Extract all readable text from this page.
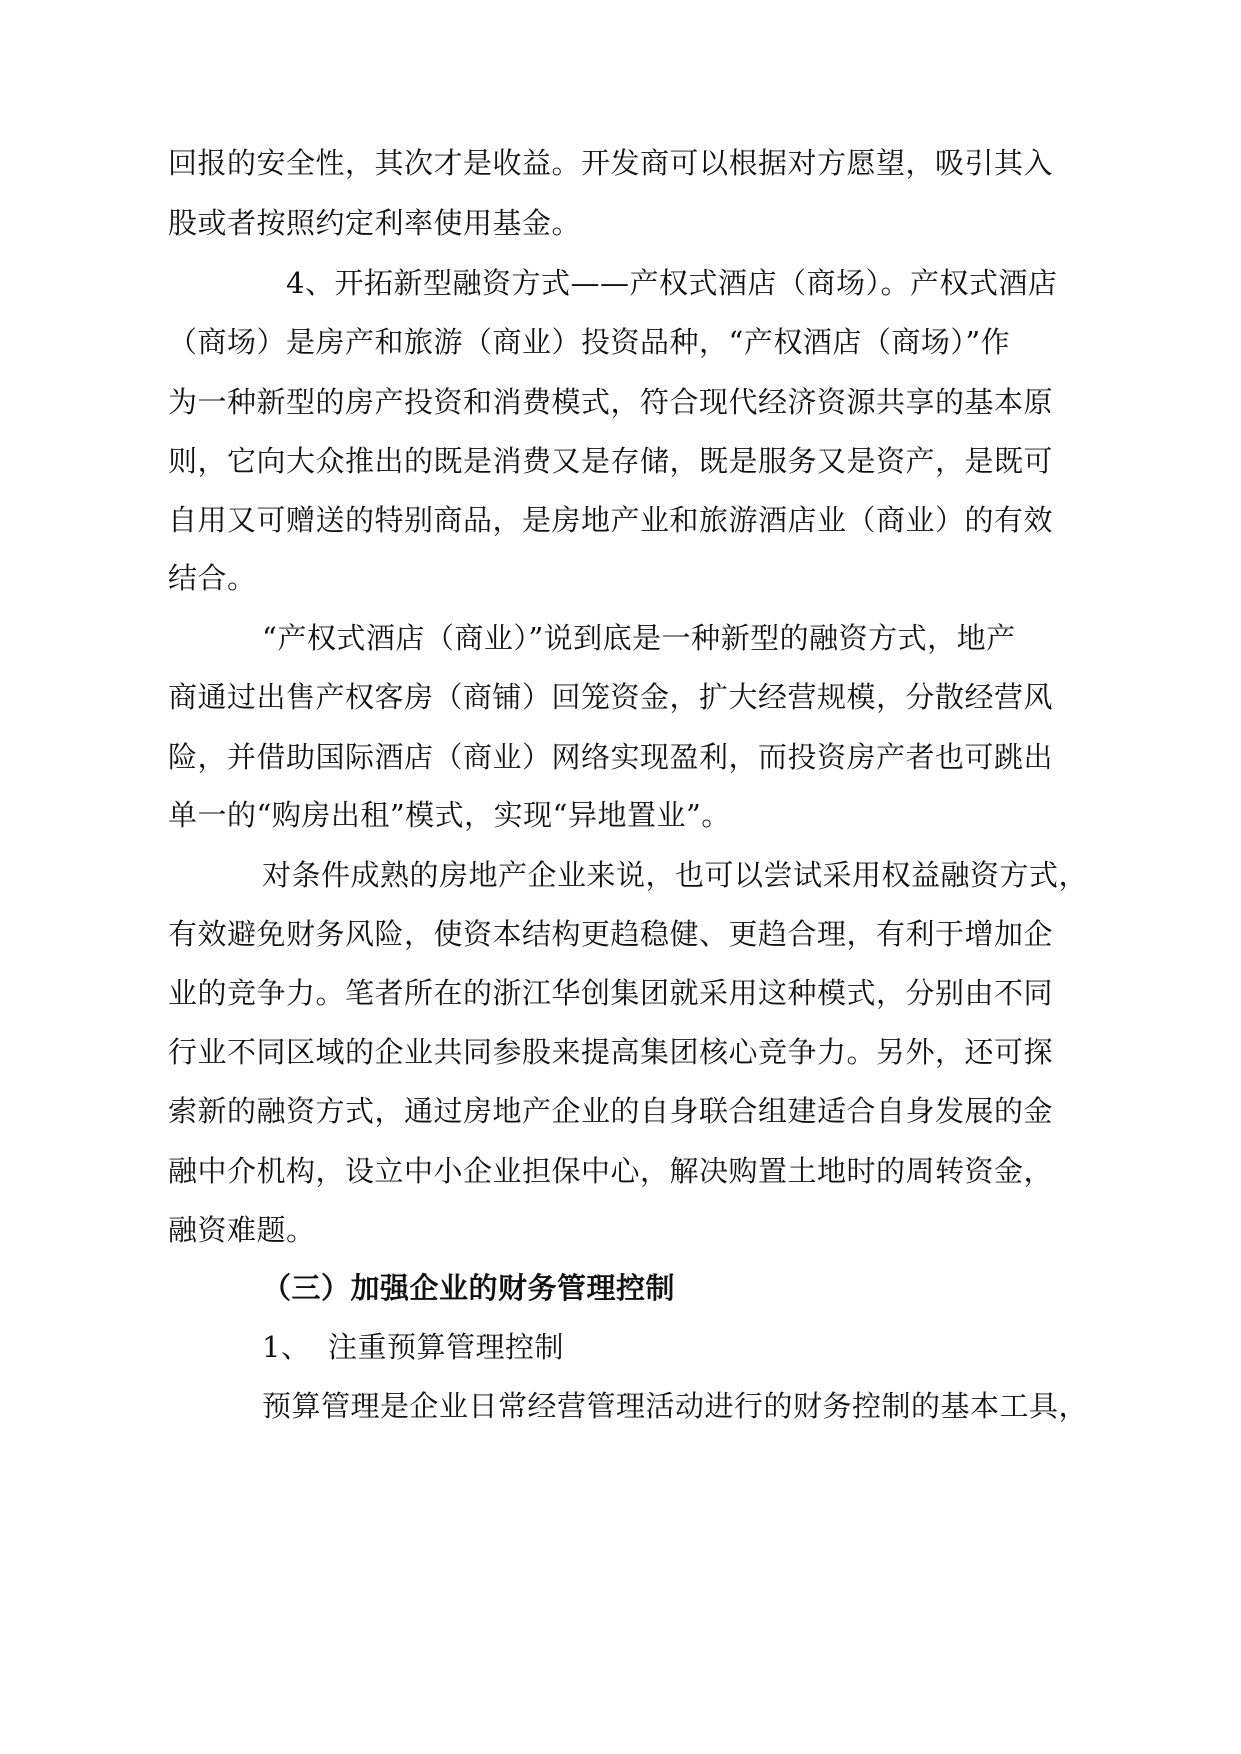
回报的安全性，其次才是收益。开发商可以根据对方愿望，吸引其入
股或者按照约定利率使用基金。
4、开拓新型融资方式——产权式酒店（商场）。产权式酒店
（商场）是房产和旅游（商业）投资品种，“产权酒店（商场）”作
为一种新型的房产投资和消费模式，符合现代经济资源共享的基本原
则，它向大众推出的既是消费又是存储，既是服务又是资产，是既可
自用又可赠送的特别商品，是房地产业和旅游酒店业（商业）的有效
结合。
“产权式酒店（商业）”说到底是一种新型的融资方式，地产
商通过出售产权客房（商铺）回笼资金，扩大经营规模，分散经营风
险，并借助国际酒店（商业）网络实现盈利，而投资房产者也可跳出
单一的“购房出租”模式，实现“异地置业”。
对条件成熟的房地产企业来说，也可以尝试采用权益融资方式，
有效避免财务风险，使资本结构更趋稳健、更趋合理，有利于增加企
业的竞争力。笔者所在的浙江华创集团就采用这种模式，分别由不同
行业不同区域的企业共同参股来提高集团核心竞争力。另外，还可探
索新的融资方式，通过房地产企业的自身联合组建适合自身发展的金
融中介机构，设立中小企业担保中心，解决购置土地时的周转资金，
融资难题。
（三）加强企业的财务管理控制
1、 注重预算管理控制
预算管理是企业日常经营管理活动进行的财务控制的基本工具，
